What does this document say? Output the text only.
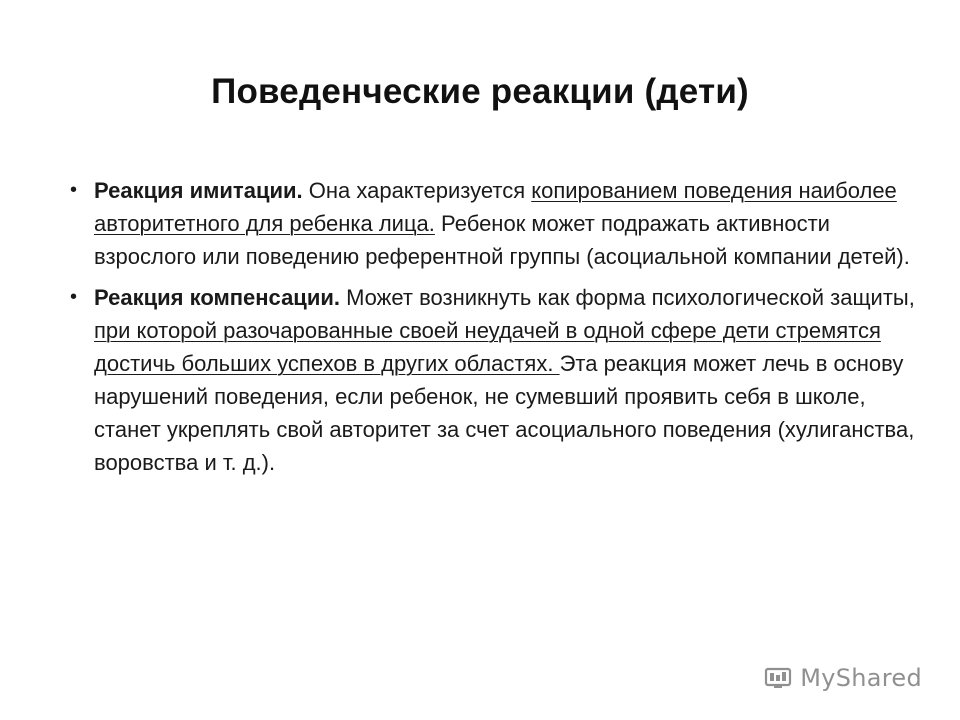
Поведенческие реакции (дети)
• Реакция имитации. Она характеризуется копированием поведения наиболее авторитетного для ребенка лица. Ребенок может подражать активности взрослого или поведению референтной группы (асоциальной компании детей).
• Реакция компенсации. Может возникнуть как форма психологической защиты, при которой разочарованные своей неудачей в одной сфере дети стремятся достичь больших успехов в других областях. Эта реакция может лечь в основу нарушений поведения, если ребенок, не сумевший проявить себя в школе, станет укреплять свой авторитет за счет асоциального поведения (хулиганства, воровства и т. д.).
MyShared
